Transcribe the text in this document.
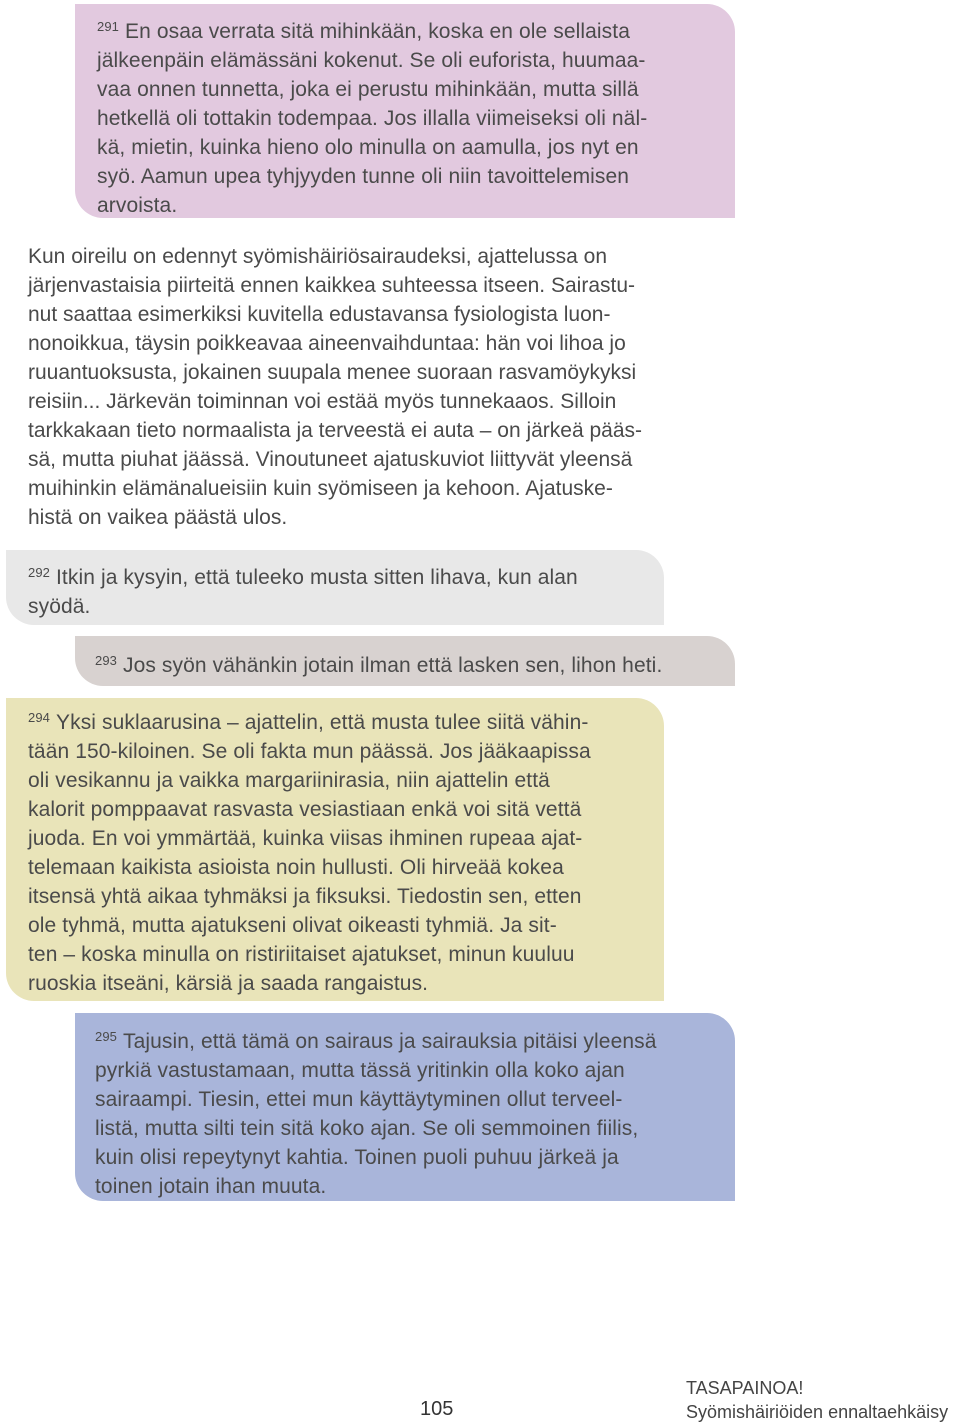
$^{291}$ En osaa verrata sitä mihinkään, koska en ole sellaista

jälkeenpäin elämässäni kokenut. Se oli euforista, huumaa-

vaa onnen tunnetta, joka ei perustu mihinkään, mutta sillä

hetkellä oli tottakin todempaa. Jos illalla viimeiseksi oli näl-

kä, mietin, kuinka hieno olo minulla on aamulla, jos nyt en

syö. Aamun upea tyhjyyden tunne oli niin tavoittelemisen

arvoista.

Kun oireilu on edennyt syömishäiriösairaudeksi, ajattelussa on
järjenvastaisia piirteitä ennen kaikkea suhteessa itseen. Sairastu-
nut saattaa esimerkiksi kuvitella edustavansa fysiologista luon-
nonoikkua, täysin poikkeavaa aineenvaihduntaa: hän voi lihoa jo
ruuantuoksusta, jokainen suupala menee suoraan rasvamöykyksi
reisiin... Järkevän toiminnan voi estää myös tunnekaaos. Silloin
tarkkakaan tieto normaalista ja terveestä ei auta – on järkeä pääs-
sä, mutta piuhat jäässä. Vinoutuneet ajatuskuviot liittyvät yleensä
muihinkin elämänalueisiin kuin syömiseen ja kehoon. Ajatuske-
histä on vaikea päästä ulos.

$^{292}$ Itkin ja kysyin, että tuleeko musta sitten lihava, kun alan

syödä.

$^{293}$ Jos syön vähänkin jotain ilman että lasken sen, lihon heti.

$^{294}$ Yksi suklaarusina – ajattelin, että musta tulee siitä vähin-

tään 150-kiloinen. Se oli fakta mun päässä. Jos jääkaapissa

oli vesikannu ja vaikka margariinirasia, niin ajattelin että

kalorit pomppaavat rasvasta vesiastiaan enkä voi sitä vettä

juoda. En voi ymmärtää, kuinka viisas ihminen rupeaa ajat-

telemaan kaikista asioista noin hullusti. Oli hirveää kokea

itsensä yhtä aikaa tyhmäksi ja fiksuksi. Tiedostin sen, etten

ole tyhmä, mutta ajatukseni olivat oikeasti tyhmiä. Ja sit-

ten – koska minulla on ristiriitaiset ajatukset, minun kuuluu

ruoskia itseäni, kärsiä ja saada rangaistus.

$^{295}$ Tajusin, että tämä on sairaus ja sairauksia pitäisi yleensä

pyrkiä vastustamaan, mutta tässä yritinkin olla koko ajan

sairaampi. Tiesin, ettei mun käyttäytyminen ollut terveel-

listä, mutta silti tein sitä koko ajan. Se oli semmoinen fiilis,

kuin olisi repeytynyt kahtia. Toinen puoli puhuu järkeä ja

toinen jotain ihan muuta.

105
TASAPAINOA!
Syömishäiriöiden ennaltaehkäisy
